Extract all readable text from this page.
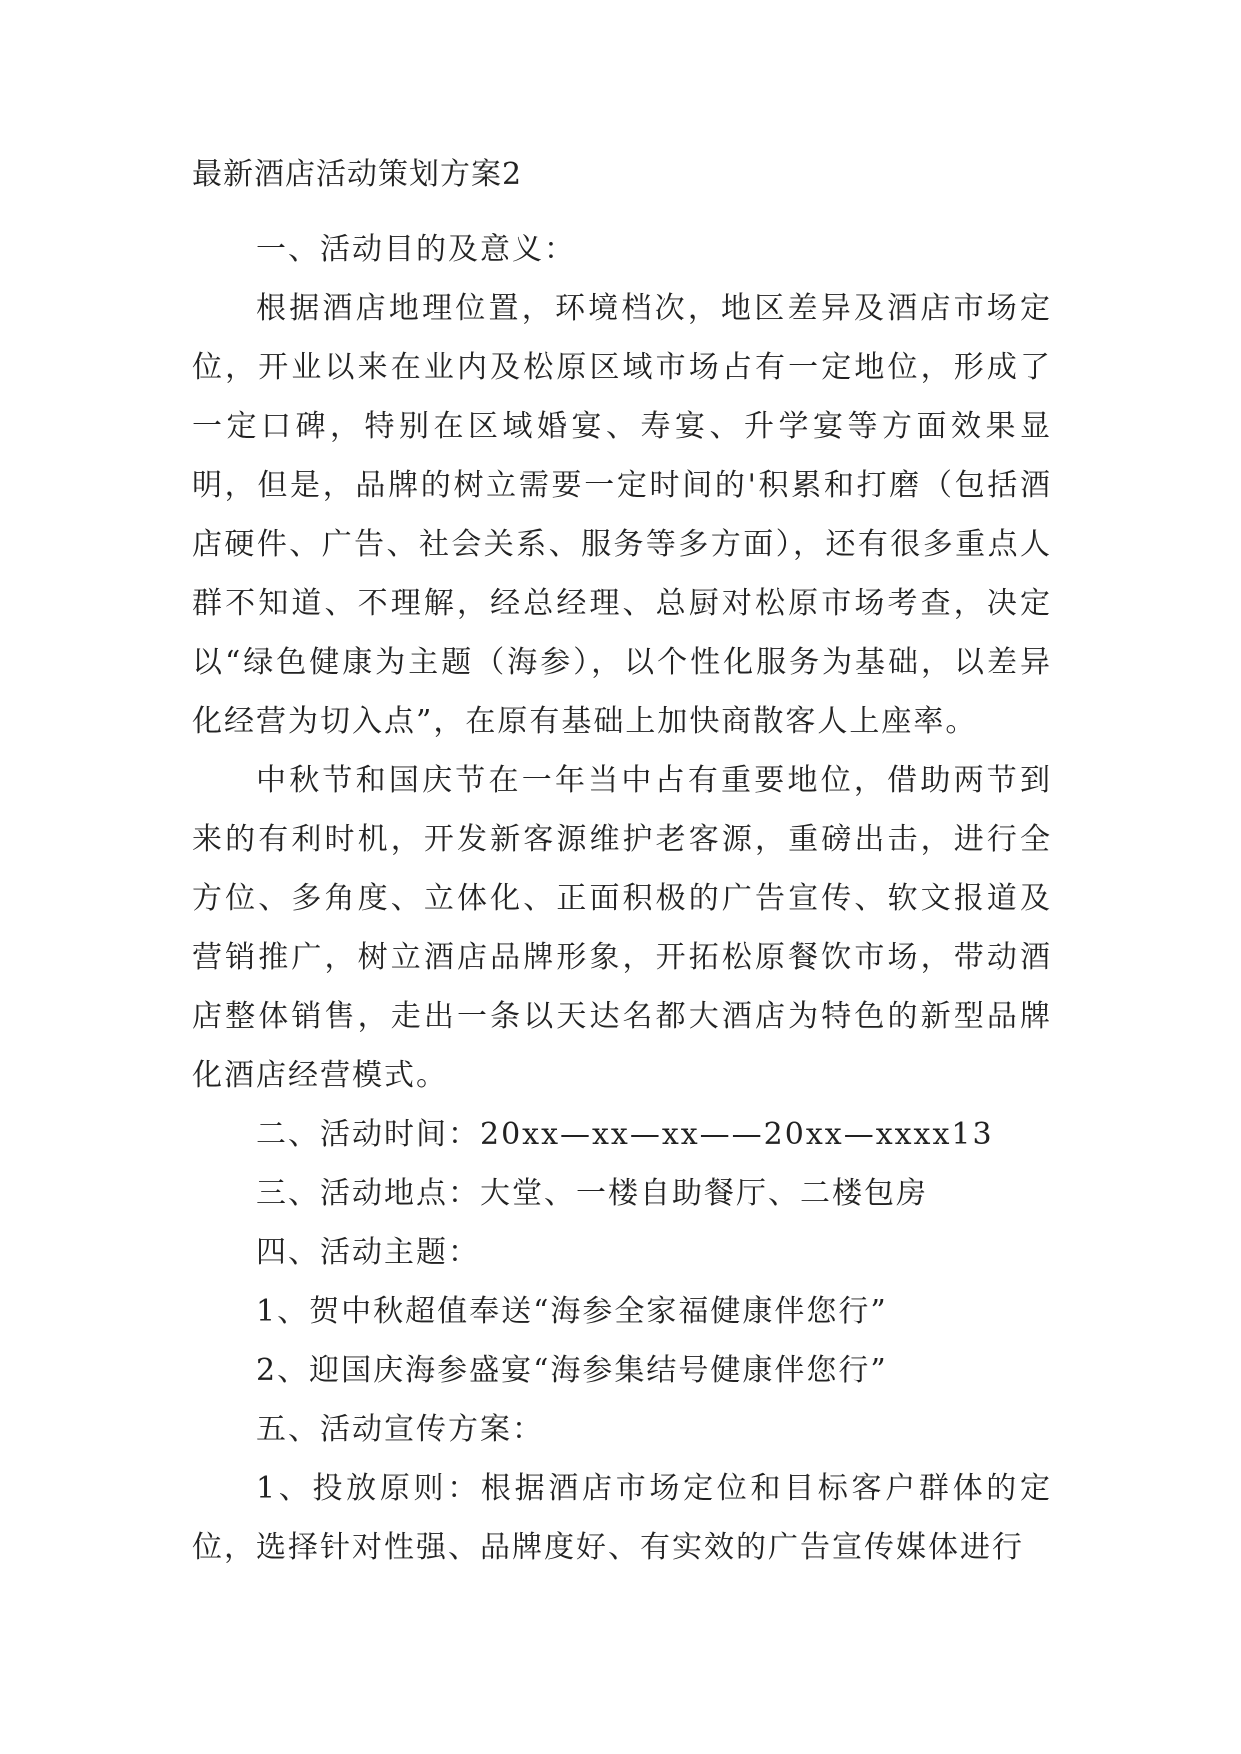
最新酒店活动策划方案2

一、活动目的及意义：

根据酒店地理位置，环境档次，地区差异及酒店市场定位，开业以来在业内及松原区域市场占有一定地位，形成了一定口碑，特别在区域婚宴、寿宴、升学宴等方面效果显明，但是，品牌的树立需要一定时间的'积累和打磨（包括酒店硬件、广告、社会关系、服务等多方面），还有很多重点人群不知道、不理解，经总经理、总厨对松原市场考查，决定以“绿色健康为主题（海参），以个性化服务为基础，以差异化经营为切入点”，在原有基础上加快商散客人上座率。

中秋节和国庆节在一年当中占有重要地位，借助两节到来的有利时机，开发新客源维护老客源，重磅出击，进行全方位、多角度、立体化、正面积极的广告宣传、软文报道及营销推广，树立酒店品牌形象，开拓松原餐饮市场，带动酒店整体销售，走出一条以天达名都大酒店为特色的新型品牌化酒店经营模式。

二、活动时间：20xx—xx—xx——20xx—xxxx13

三、活动地点：大堂、一楼自助餐厅、二楼包房

四、活动主题：

1、贺中秋超值奉送“海参全家福健康伴您行”

2、迎国庆海参盛宴“海参集结号健康伴您行”

五、活动宣传方案：

1、投放原则：根据酒店市场定位和目标客户群体的定位，选择针对性强、品牌度好、有实效的广告宣传媒体进行
